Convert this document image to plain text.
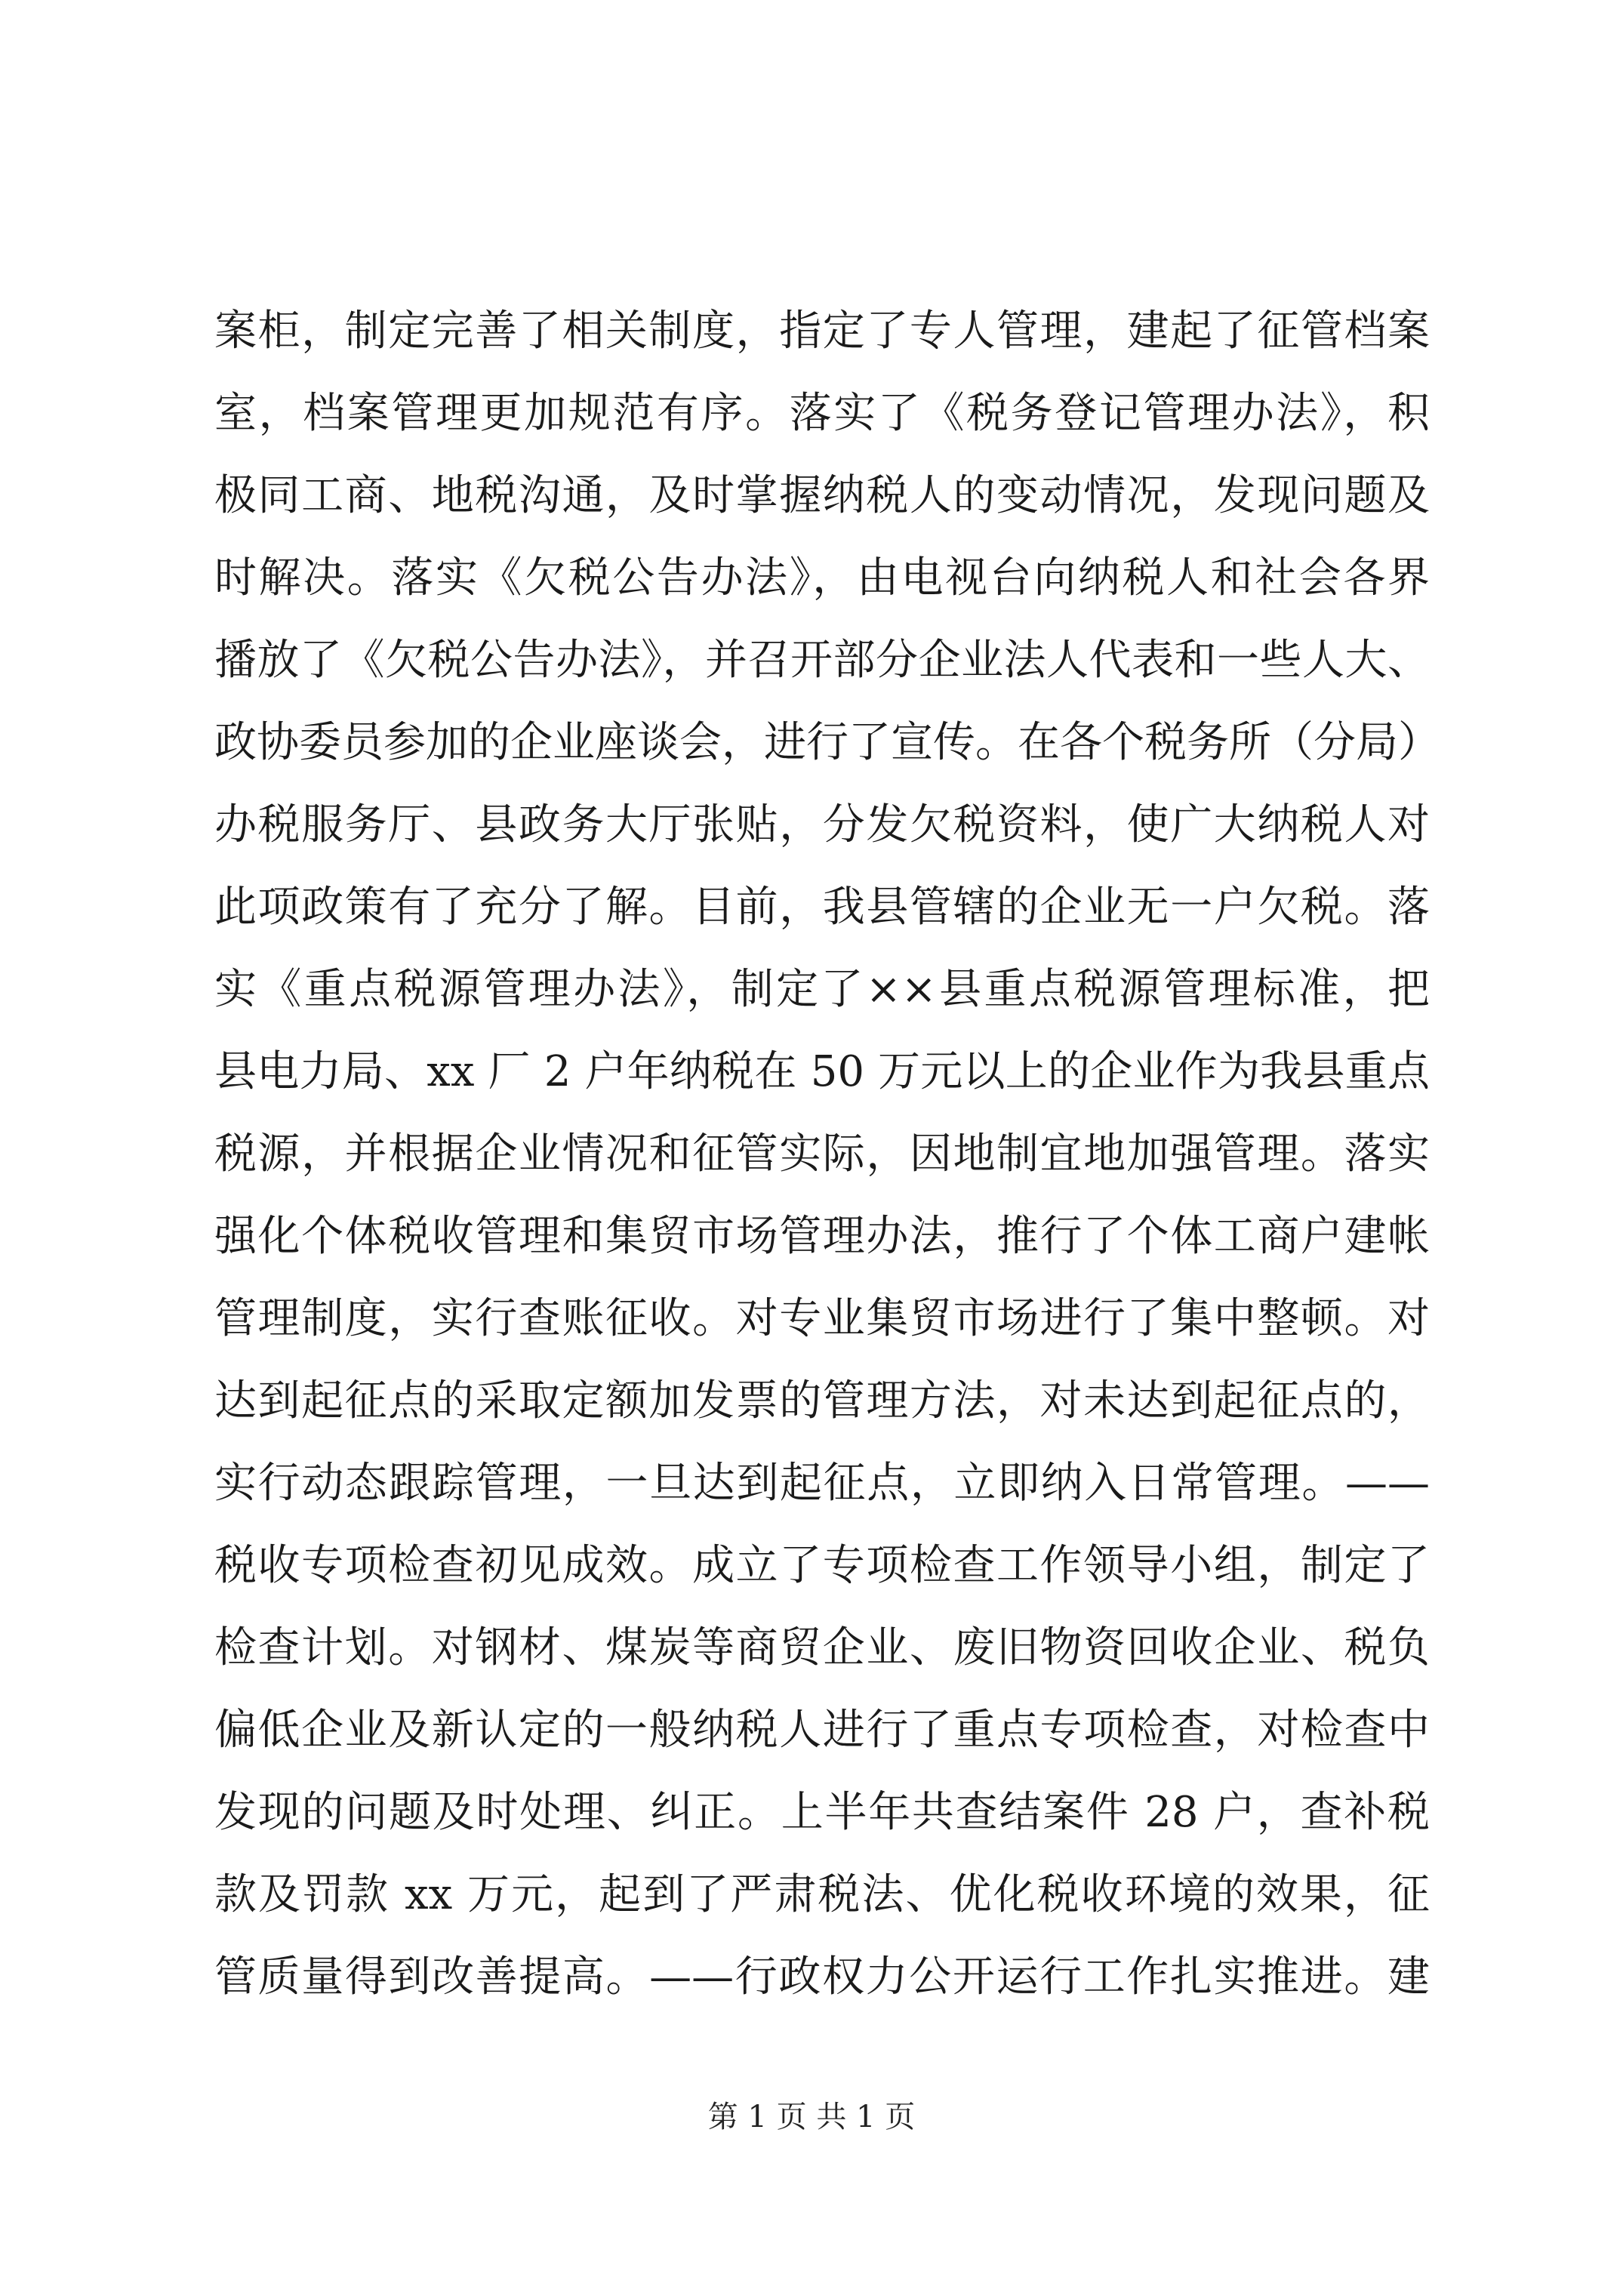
案柜，制定完善了相关制度，指定了专人管理，建起了征管档案
室，档案管理更加规范有序。落实了《税务登记管理办法》，积
极同工商、地税沟通，及时掌握纳税人的变动情况，发现问题及
时解决。落实《欠税公告办法》，由电视台向纳税人和社会各界
播放了《欠税公告办法》，并召开部分企业法人代表和一些人大、
政协委员参加的企业座谈会，进行了宣传。在各个税务所（分局）
办税服务厅、县政务大厅张贴，分发欠税资料，使广大纳税人对
此项政策有了充分了解。目前，我县管辖的企业无一户欠税。落
实《重点税源管理办法》，制定了××县重点税源管理标准，把
县电力局、xx 厂 2 户年纳税在 50 万元以上的企业作为我县重点
税源，并根据企业情况和征管实际，因地制宜地加强管理。落实
强化个体税收管理和集贸市场管理办法，推行了个体工商户建帐
管理制度，实行查账征收。对专业集贸市场进行了集中整顿。对
达到起征点的采取定额加发票的管理方法，对未达到起征点的，
实行动态跟踪管理，一旦达到起征点，立即纳入日常管理。——
税收专项检查初见成效。成立了专项检查工作领导小组，制定了
检查计划。对钢材、煤炭等商贸企业、废旧物资回收企业、税负
偏低企业及新认定的一般纳税人进行了重点专项检查，对检查中
发现的问题及时处理、纠正。上半年共查结案件 28 户，查补税
款及罚款 xx 万元，起到了严肃税法、优化税收环境的效果，征
管质量得到改善提高。——行政权力公开运行工作扎实推进。建
第 1 页 共 1 页
